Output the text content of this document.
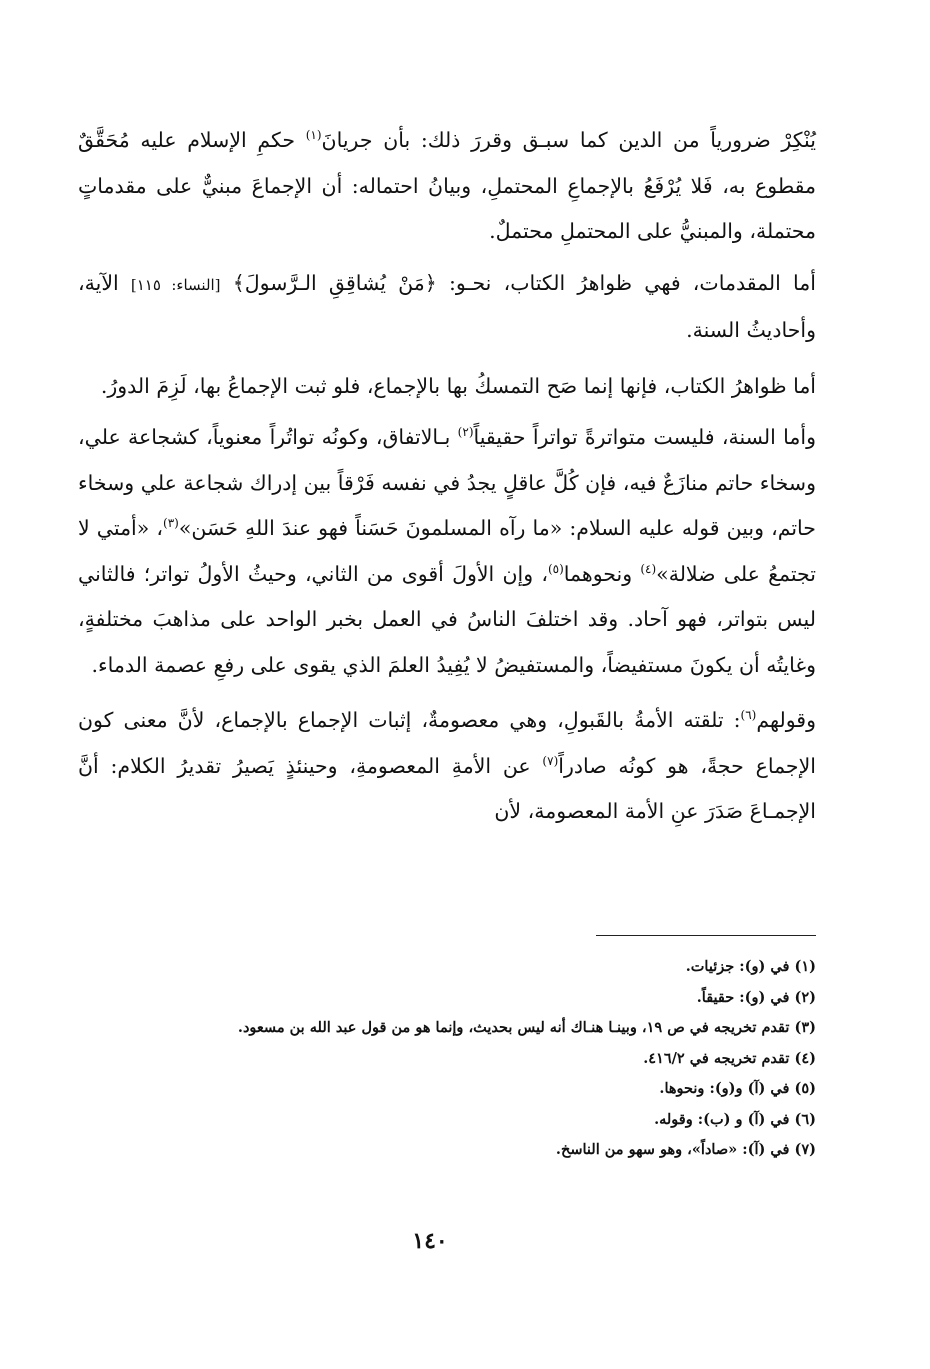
يُنْكِرْ ضرورياً من الدين كما سبـق وقررَ ذلك: بأن جريانَ$^{(١)}$ حكمِ الإسلام عليه مُحَقَّقٌ مقطوع به، فَلا يُرْفَعُ بالإجماعِ المحتملِ، وبيانُ احتماله: أن الإجماعَ مبنيٌّ على مقدماتٍ محتملة، والمبنيُّ على المحتملِ محتملٌ.

أما المقدمات، فهي ظواهرُ الكتاب، نحـو: ﴿مَنْ يُشاقِقِ الـرَّسولَ﴾ [النساء: ١١٥] الآية، وأحاديثُ السنة.

أما ظواهرُ الكتاب، فإنها إنما صَح التمسكُ بها بالإجماع، فلو ثبت الإجماعُ بها، لَزِمَ الدورُ.

وأما السنة، فليست متواترةً تواتراً حقيقياً$^{(٢)}$ بـالاتفاق، وكونُه تواتُراً معنوياً، كشجاعة علي، وسخاء حاتم منازَعٌ فيه، فإن كُلَّ عاقلٍ يجدُ في نفسه فَرْقاً بين إدراك شجاعة علي وسخاء حاتم، وبين قوله عليه السلام: «ما رآه المسلمونَ حَسَناً فهو عندَ اللهِ حَسَن»$^{(٣)}$، «أمتي لا تجتمعُ على ضلالة»$^{(٤)}$ ونحوهما$^{(٥)}$، وإن الأولَ أقوى من الثاني، وحيثُ الأولُ تواتر؛ فالثاني ليس بتواتر، فهو آحاد. وقد اختلفَ الناسُ في العمل بخبر الواحد على مذاهبَ مختلفةٍ، وغايتُه أن يكونَ مستفيضاً، والمستفيضُ لا يُفِيدُ العلمَ الذي يقوى على رفعِ عصمة الدماء.

وقولهم$^{(٦)}$: تلقته الأمةُ بالقَبولِ، وهي معصومةٌ، إثبات الإجماع بالإجماع، لأنَّ معنى كون الإجماع حجةً، هو كونُه صادراً$^{(٧)}$ عن الأمةِ المعصومةِ، وحينئذٍ يَصيرُ تقديرُ الكلام: أنَّ الإجمـاعَ صَدَرَ عنِ الأمة المعصومة، لأن

(١) في (و): جزئيات.
(٢) في (و): حقيقاً.
(٣) تقدم تخريجه في ص ١٩، وبينـا هنـاك أنه ليس بحديث، وإنما هو من قول عبد الله بن مسعود.
(٤) تقدم تخريجه في ٤١٦/٢.
(٥) في (آ) و(و): ونحوها.
(٦) في (آ) و (ب): وقوله.
(٧) في (آ): «صاداً»، وهو سهو من الناسخ.
١٤٠
